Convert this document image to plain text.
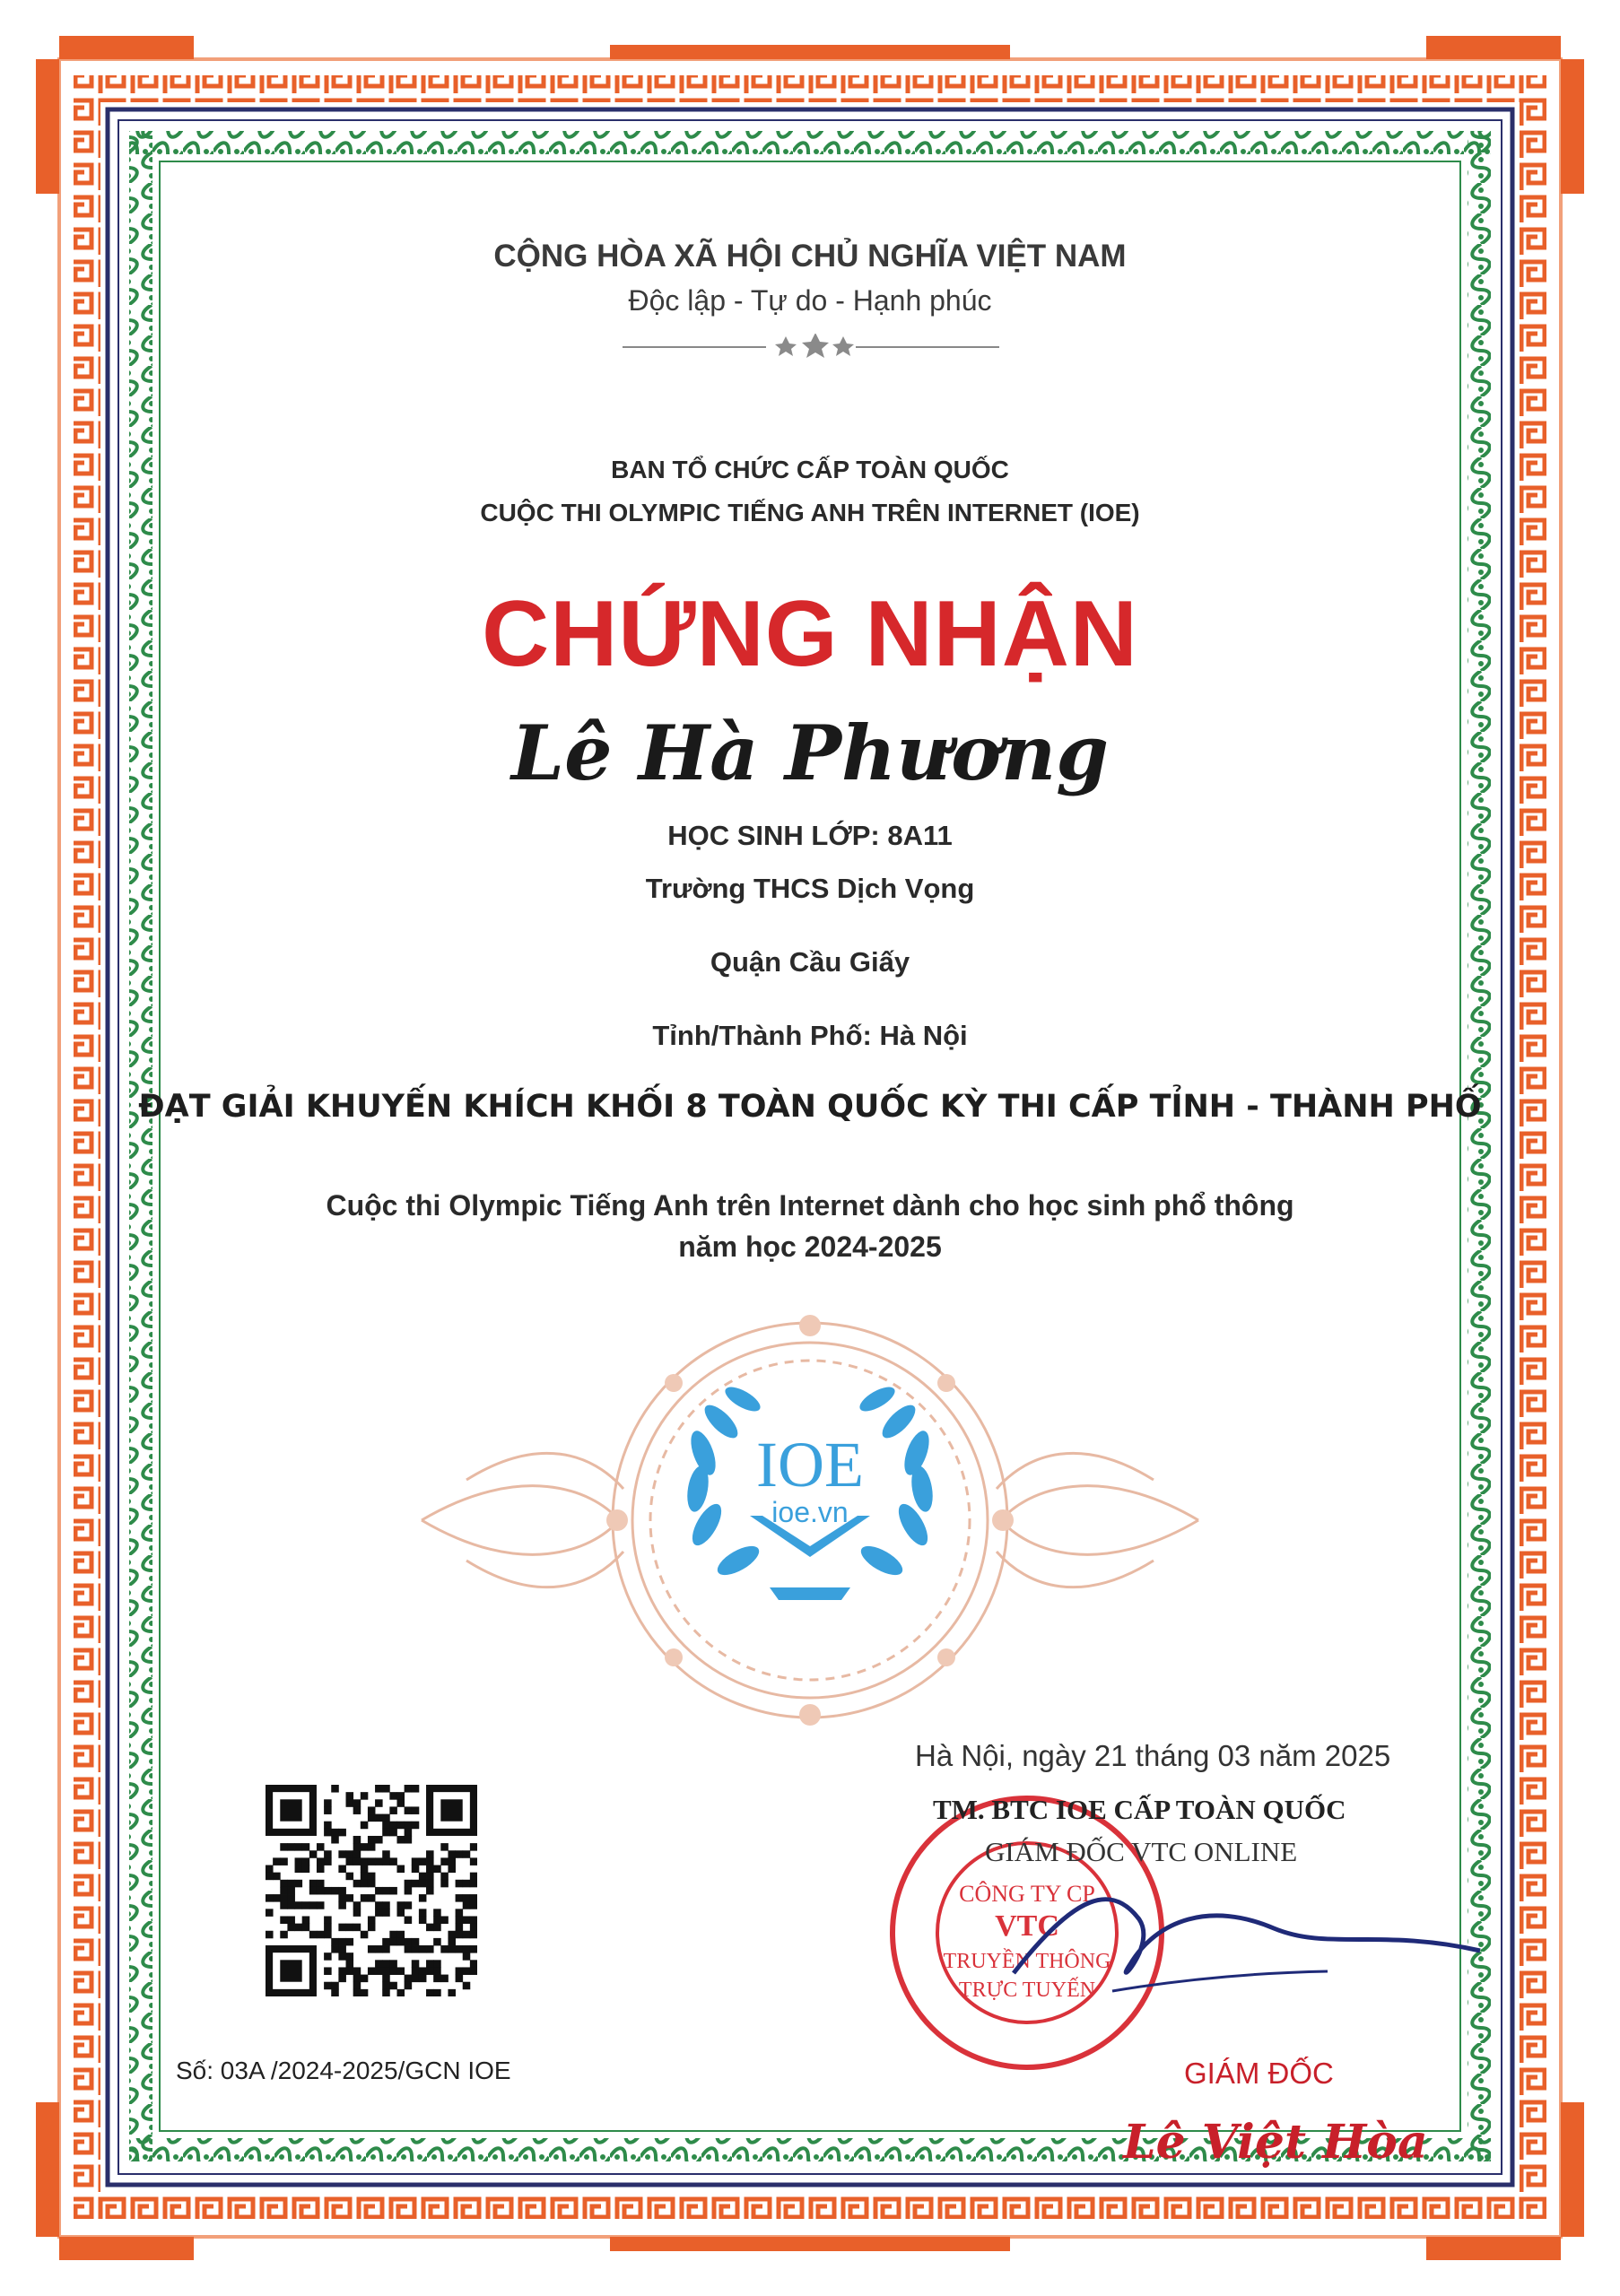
CỘNG HÒA XÃ HỘI CHỦ NGHĨA VIỆT NAM

Độc lập - Tự do - Hạnh phúc

BAN TỔ CHỨC CẤP TOÀN QUỐC

CUỘC THI OLYMPIC TIẾNG ANH TRÊN INTERNET (IOE)

CHỨNG NHẬN

Lê Hà Phương

HỌC SINH LỚP: 8A11

Trường THCS Dịch Vọng

Quận Cầu Giấy

Tỉnh/Thành Phố: Hà Nội

ĐẠT GIẢI KHUYẾN KHÍCH KHỐI 8 TOÀN QUỐC KỲ THI CẤP TỈNH - THÀNH PHỐ

Cuộc thi Olympic Tiếng Anh trên Internet dành cho học sinh phổ thông

năm học 2024-2025

IOE

ioe.vn

Số: 03A /2024-2025/GCN IOE

Hà Nội, ngày 21 tháng 03 năm 2025

CÔNG TY CP
VTC
TRUYỀN THÔNG
TRỰC TUYẾN

TM. BTC IOE CẤP TOÀN QUỐC

GIÁM ĐỐC VTC ONLINE

GIÁM ĐỐC

Lê Việt Hòa
